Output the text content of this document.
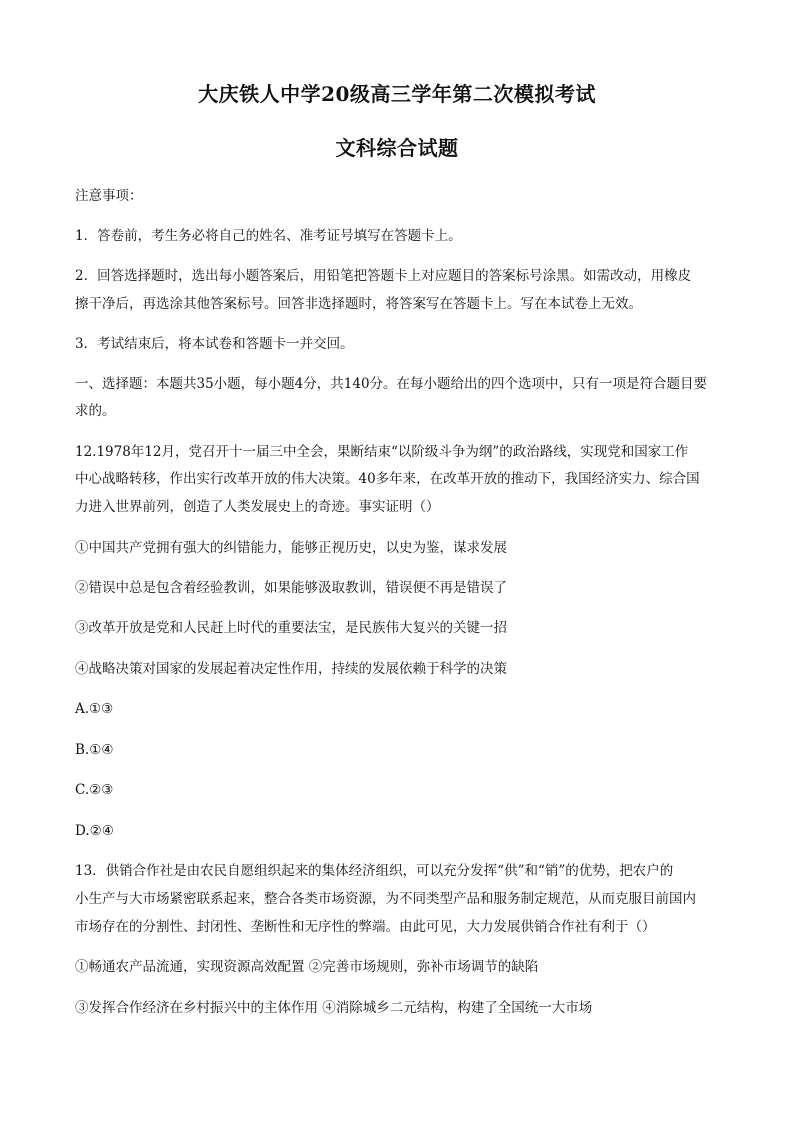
大庆铁人中学20级高三学年第二次模拟考试
文科综合试题
注意事项：
1．答卷前，考生务必将自己的姓名、准考证号填写在答题卡上。
2．回答选择题时，选出每小题答案后，用铅笔把答题卡上对应题目的答案标号涂黑。如需改动，用橡皮
擦干净后，再选涂其他答案标号。回答非选择题时，将答案写在答题卡上。写在本试卷上无效。
3．考试结束后，将本试卷和答题卡一并交回。
一、选择题：本题共35小题，每小题4分，共140分。在每小题给出的四个选项中，只有一项是符合题目要
求的。
12.1978年12月，党召开十一届三中全会，果断结束“以阶级斗争为纲”的政治路线，实现党和国家工作
中心战略转移，作出实行改革开放的伟大决策。40多年来，在改革开放的推动下，我国经济实力、综合国
力进入世界前列，创造了人类发展史上的奇迹。事实证明（）
①中国共产党拥有强大的纠错能力，能够正视历史，以史为鉴，谋求发展
②错误中总是包含着经验教训，如果能够汲取教训，错误便不再是错误了
③改革开放是党和人民赶上时代的重要法宝，是民族伟大复兴的关键一招
④战略决策对国家的发展起着决定性作用，持续的发展依赖于科学的决策
A.①③
B.①④
C.②③
D.②④
13．供销合作社是由农民自愿组织起来的集体经济组织，可以充分发挥“供”和“销”的优势，把农户的
小生产与大市场紧密联系起来，整合各类市场资源，为不同类型产品和服务制定规范，从而克服目前国内
市场存在的分割性、封闭性、垄断性和无序性的弊端。由此可见，大力发展供销合作社有利于（）
①畅通农产品流通，实现资源高效配置 ②完善市场规则，弥补市场调节的缺陷
③发挥合作经济在乡村振兴中的主体作用 ④消除城乡二元结构，构建了全国统一大市场
